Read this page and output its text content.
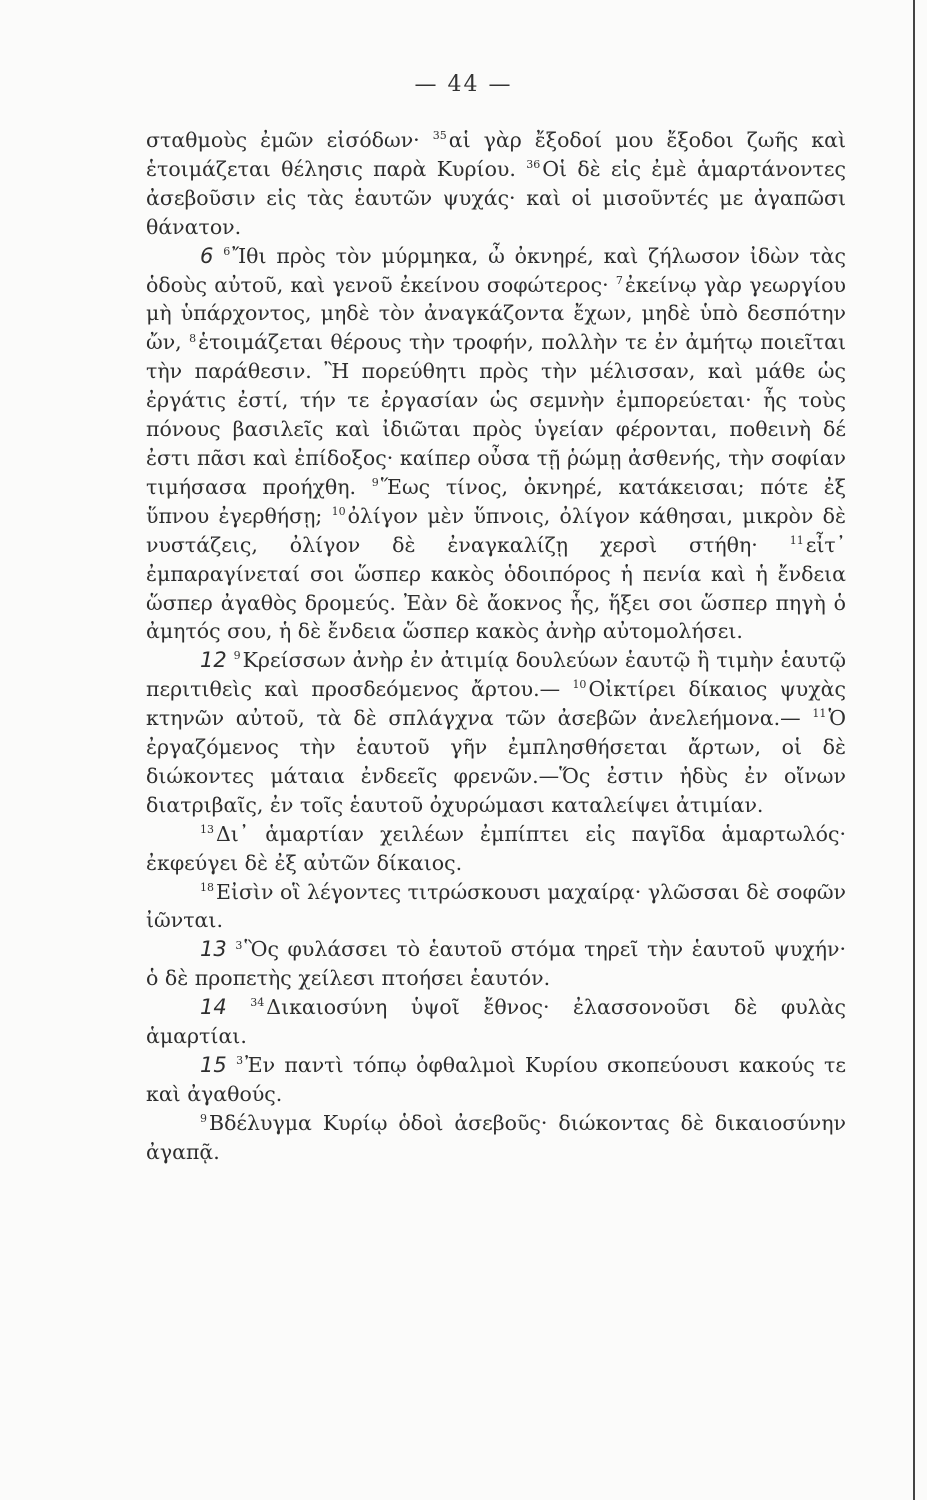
— 44 —

σταθμοὺς ἐμῶν εἰσόδων· $^{35}$αἱ γὰρ ἔξοδοί μου ἔξοδοι ζωῆς καὶ ἑτοιμάζεται θέλησις παρὰ Κυρίου. $^{36}$Οἱ δὲ εἰς ἐμὲ ἁμαρτάνοντες ἀσεβοῦσιν εἰς τὰς ἑαυτῶν ψυχάς· καὶ οἱ μισοῦντές με ἀγαπῶσι θάνατον.

6 $^6$Ἴθι πρὸς τὸν μύρμηκα, ὦ ὀκνηρέ, καὶ ζήλωσον ἰδὼν τὰς ὁδοὺς αὐτοῦ, καὶ γενοῦ ἐκείνου σοφώτερος· $^7$ἐκείνῳ γὰρ γεωργίου μὴ ὑπάρχοντος, μηδὲ τὸν ἀναγκάζοντα ἔχων, μηδὲ ὑπὸ δεσπότην ὤν, $^8$ἑτοιμάζεται θέρους τὴν τροφήν, πολλὴν τε ἐν ἀμήτῳ ποιεῖται τὴν παράθεσιν. Ἢ πορεύθητι πρὸς τὴν μέλισσαν, καὶ μάθε ὡς ἐργάτις ἐστί, τήν τε ἐργασίαν ὡς σεμνὴν ἐμπορεύεται· ἧς τοὺς πόνους βασιλεῖς καὶ ἰδιῶται πρὸς ὑγείαν φέρονται, ποθεινὴ δέ ἐστι πᾶσι καὶ ἐπίδοξος· καίπερ οὖσα τῇ ῥώμῃ ἀσθενής, τὴν σοφίαν τιμήσασα προήχθη. $^9$Ἕως τίνος, ὀκνηρέ, κατάκεισαι; πότε ἐξ ὕπνου ἐγερθήσῃ; $^{10}$ὀλίγον μὲν ὕπνοις, ὀλίγον κάθησαι, μικρὸν δὲ νυστάζεις, ὀλίγον δὲ ἐναγκαλίζῃ χερσὶ στήθη·	$^{11}$εἶτ᾽ ἐμπαραγίνεταί σοι ὥσπερ κακὸς ὁδοιπόρος ἡ πενία καὶ ἡ ἔνδεια ὥσπερ ἀγαθὸς δρομεύς. Ἐὰν δὲ ἄοκνος ἧς, ἥξει σοι ὥσπερ πηγὴ ὁ ἀμητός σου, ἡ δὲ ἔνδεια ὥσπερ κακὸς ἀνὴρ αὐτομολήσει.

12 $^9$Κρείσσων ἀνὴρ ἐν ἀτιμίᾳ δουλεύων ἑαυτῷ ἢ τιμὴν ἑαυτῷ περιτιθεὶς καὶ προσδεόμενος ἄρτου.— $^{10}$Οἰκτίρει δίκαιος ψυχὰς κτηνῶν αὐτοῦ, τὰ δὲ σπλάγχνα τῶν ἀσεβῶν ἀνελεήμονα.— $^{11}$Ὁ ἐργαζόμενος τὴν ἑαυτοῦ γῆν ἐμπλησθήσεται ἄρτων, οἱ δὲ διώκοντες μάταια ἐνδεεῖς φρενῶν.—Ὅς ἐστιν ἡδὺς ἐν οἴνων διατριβαῖς, ἐν τοῖς ἑαυτοῦ ὀχυρώμασι καταλείψει ἀτιμίαν.

$^{13}$Δι᾽ ἁμαρτίαν χειλέων ἐμπίπτει εἰς παγῖδα ἁμαρτωλός· ἐκφεύγει δὲ ἐξ αὐτῶν δίκαιος.

$^{18}$Εἰσὶν οἳ λέγοντες τιτρώσκουσι μαχαίρᾳ· γλῶσσαι δὲ σοφῶν ἰῶνται.

13 $^3$Ὃς φυλάσσει τὸ ἑαυτοῦ στόμα τηρεῖ τὴν ἑαυτοῦ ψυχήν· ὁ δὲ προπετὴς χείλεσι πτοήσει ἑαυτόν.

14 $^{34}$Δικαιοσύνη ὑψοῖ ἔθνος· ἐλασσονοῦσι δὲ φυλὰς ἁμαρτίαι.

15 $^3$Ἐν παντὶ τόπῳ ὀφθαλμοὶ Κυρίου σκοπεύουσι κακούς τε καὶ ἀγαθούς.

$^9$Βδέλυγμα Κυρίῳ ὁδοὶ ἀσεβοῦς· διώκοντας δὲ δικαιοσύνην ἀγαπᾷ.
